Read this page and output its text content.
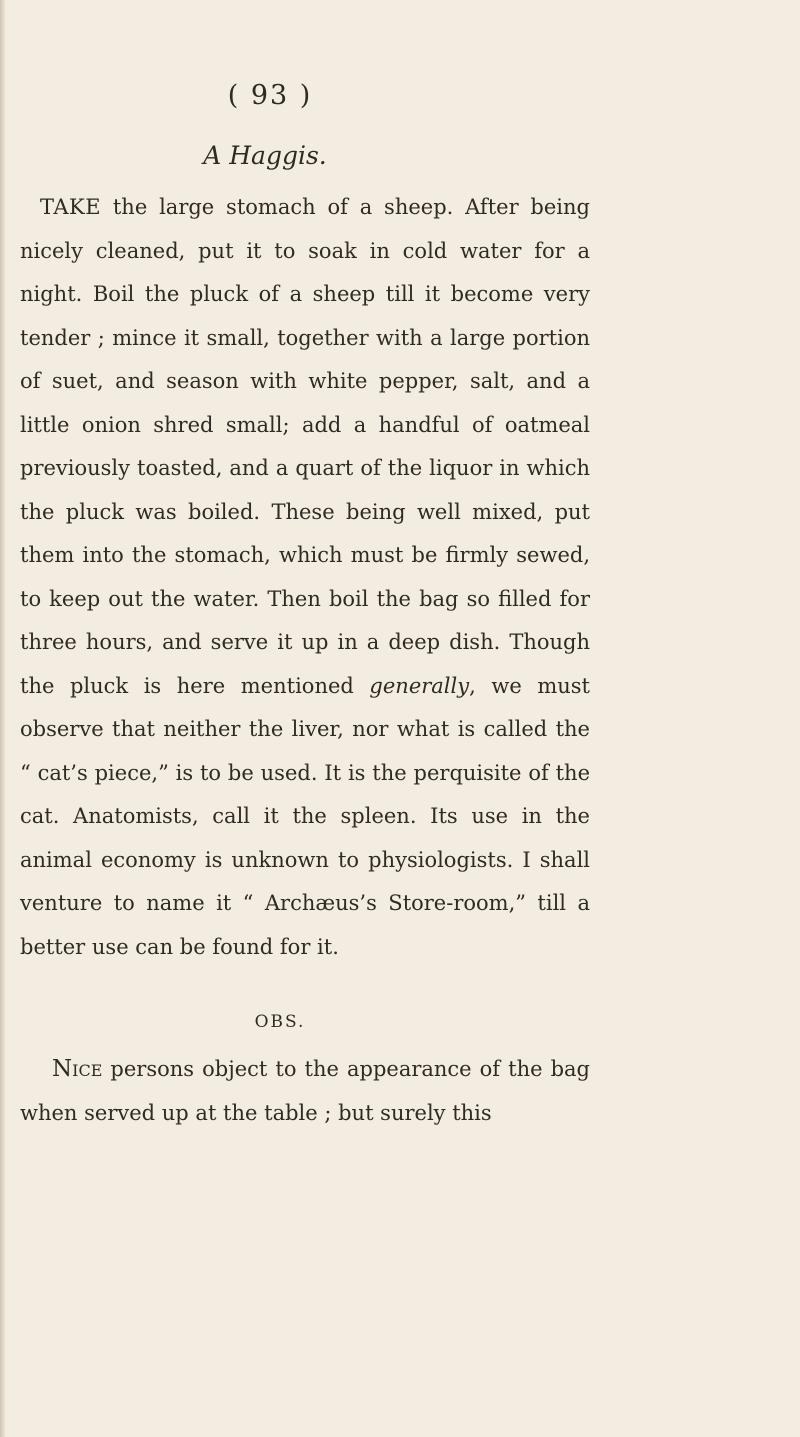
( 93 )
A Haggis.

TAKE the large stomach of a sheep. After being nicely cleaned, put it to soak in cold water for a night. Boil the pluck of a sheep till it become very tender ; mince it small, together with a large portion of suet, and season with white pepper, salt, and a little onion shred small; add a handful of oatmeal previously toasted, and a quart of the liquor in which the pluck was boiled. These being well mixed, put them into the stomach, which must be firmly sewed, to keep out the water. Then boil the bag so filled for three hours, and serve it up in a deep dish. Though the pluck is here mentioned generally, we must observe that neither the liver, nor what is called the “ cat’s piece,” is to be used. It is the perquisite of the cat. Anatomists, call it the spleen. Its use in the animal economy is unknown to physiologists. I shall venture to name it “ Archæus’s Store-room,” till a better use can be found for it.

OBS.

Nice persons object to the appearance of the bag when served up at the table ; but surely this
